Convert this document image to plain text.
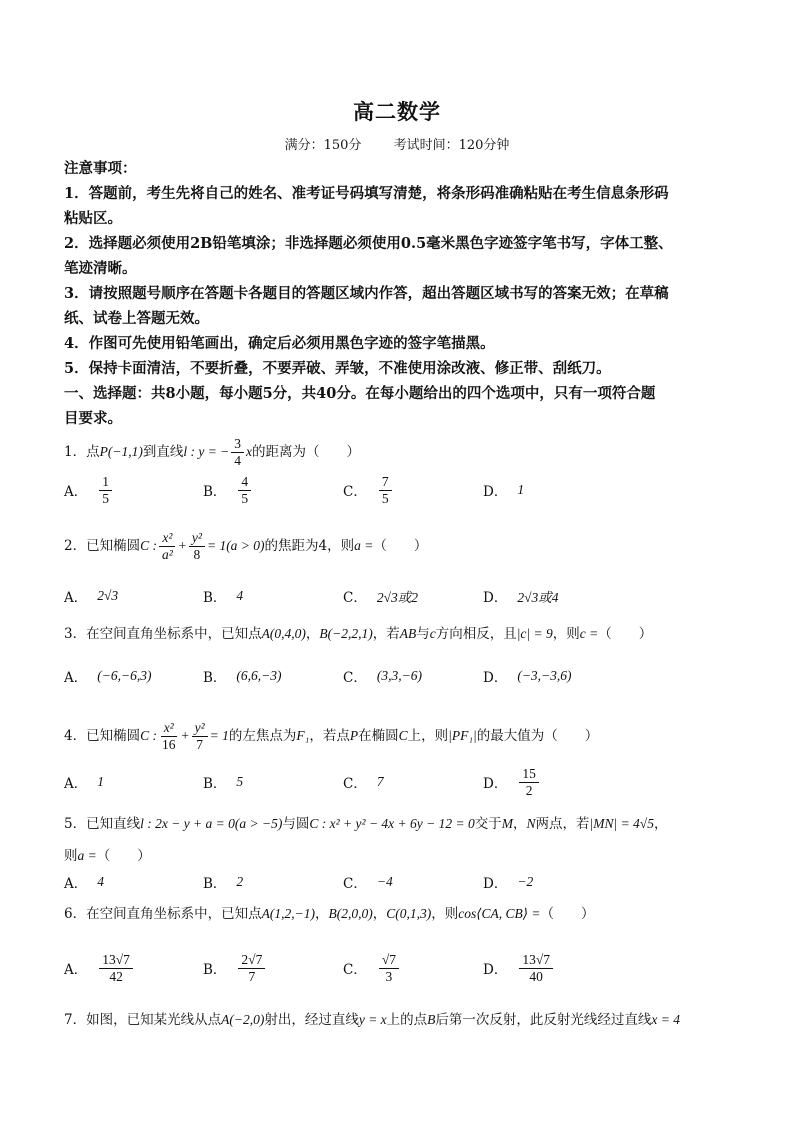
高二数学
满分：150分 考试时间：120分钟
注意事项：
1．答题前，考生先将自己的姓名、准考证号码填写清楚，将条形码准确粘贴在考生信息条形码
粘贴区。
2．选择题必须使用2B铅笔填涂；非选择题必须使用0.5毫米黑色字迹签字笔书写，字体工整、
笔迹清晰。
3．请按照题号顺序在答题卡各题目的答题区域内作答，超出答题区域书写的答案无效；在草稿
纸、试卷上答题无效。
4．作图可先使用铅笔画出，确定后必须用黑色字迹的签字笔描黑。
5．保持卡面清洁，不要折叠，不要弄破、弄皱，不准使用涂改液、修正带、刮纸刀。
一、选择题：共8小题，每小题5分，共40分。在每小题给出的四个选项中，只有一项符合题
目要求。
1．点P(−1,1)到直线l : y = − $\frac{3}{4}$ x的距离为（　　）
A． $\frac{1}{5}$	B． $\frac{4}{5}$	C． $\frac{7}{5}$	D． 1
2．已知椭圆C : $\frac{\text{x²}}{\text{a²}} + \frac{\text{y²}}{8} = 1(a > 0)$的焦距为4，则a =（　　）
A． 2√3	B． 4	C． 2√3或2	D． 2√3或4
3．在空间直角坐标系中，已知点A(0,4,0)，B(−2,2,1)，若AB与c方向相反，且|c| = 9，则c =（　　）
A． (−6,−6,3)	B． (6,6,−3)	C． (3,3,−6)	D． (−3,−3,6)
4．已知椭圆C : $\frac{\text{x²}}{16} + \frac{\text{y²}}{7} = 1$的左焦点为F₁，若点P在椭圆C上，则|PF₁|的最大值为（　　）
A． 1	B． 5	C． 7	D． $\frac{15}{2}$
5．已知直线l : 2x − y + a = 0(a > −5)与圆C : x² + y² − 4x + 6y − 12 = 0交于M，N两点，若|MN| = 4√5，
则a =（　　）
A． 4	B． 2	C． −4	D． −2
6．在空间直角坐标系中，已知点A(1,2,−1)，B(2,0,0)，C(0,1,3)，则cos⟨CA, CB⟩ =（　　）
A． $\frac{13√7}{42}$	B． $\frac{2√7}{7}$	C． $\frac{√7}{3}$	D． $\frac{13√7}{40}$
7．如图，已知某光线从点A(−2,0)射出，经过直线y = x上的点B后第一次反射，此反射光线经过直线x = 4
